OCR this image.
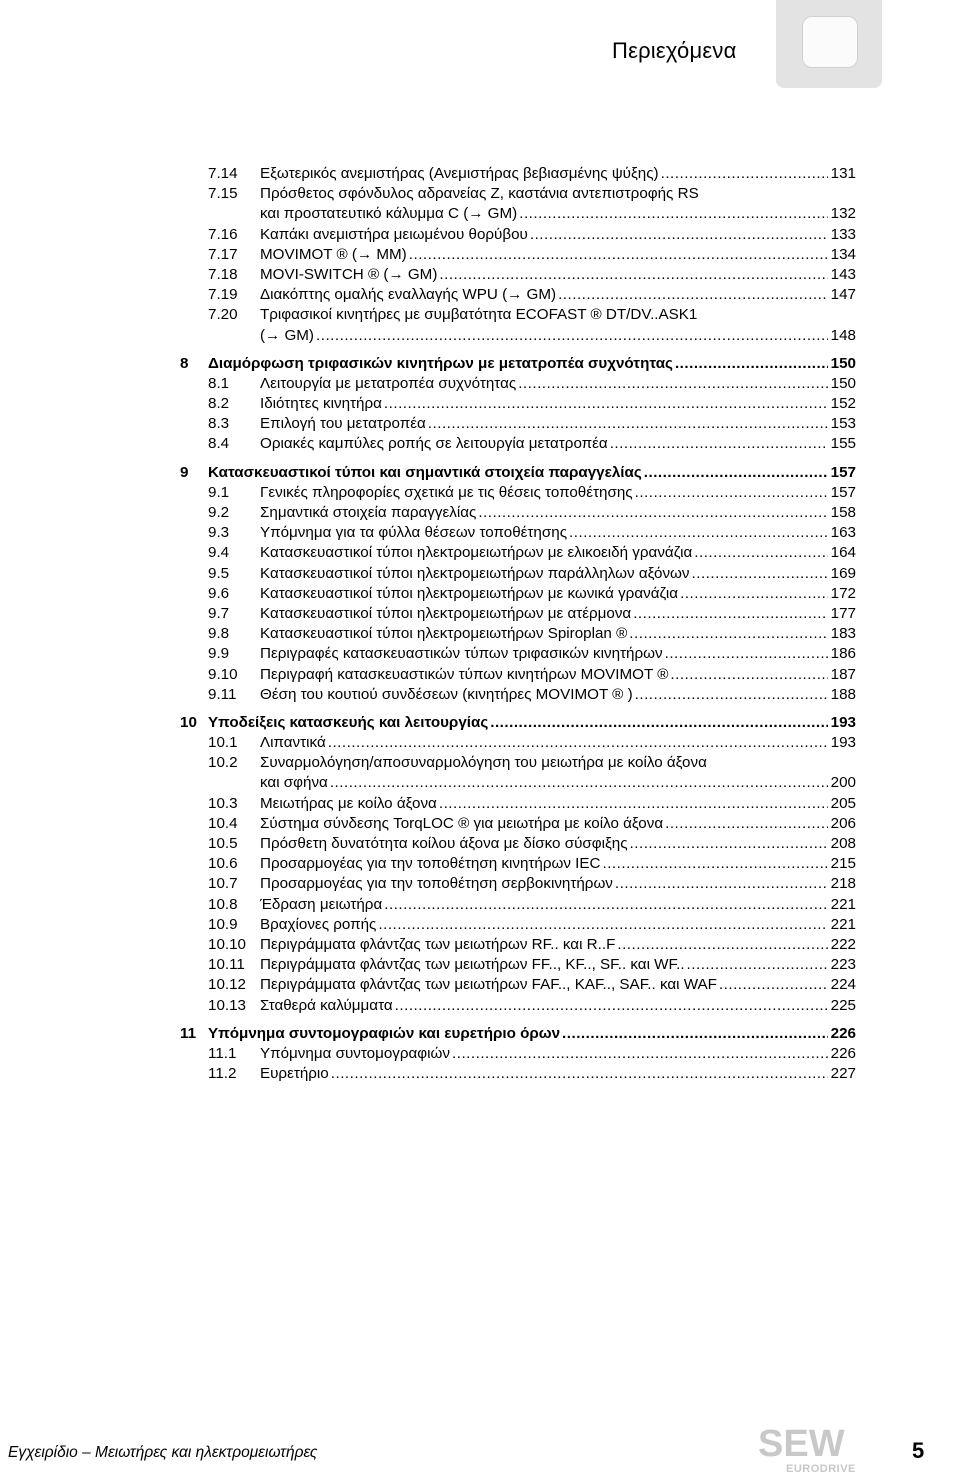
Περιεχόμενα
7.14	Εξωτερικός ανεμιστήρας (Ανεμιστήρας βεβιασμένης ψύξης) .....	131
7.15	Πρόσθετος σφόνδυλος αδρανείας Z, καστάνια αντεπιστροφής RS
και προστατευτικό κάλυμμα C (→ GM) .....	132
7.16	Καπάκι ανεμιστήρα μειωμένου θορύβου .....	133
7.17	MOVIMOT ® (→ MM) .....	134
7.18	MOVI-SWITCH ® (→ GM) .....	143
7.19	Διακόπτης ομαλής εναλλαγής WPU (→ GM) .....	147
7.20	Τριφασικοί κινητήρες με συμβατότητα ECOFAST ® DT/DV..ASK1
(→ GM) .....	148
8	Διαμόρφωση τριφασικών κινητήρων με μετατροπέα συχνότητας .....	150
8.1	Λειτουργία με μετατροπέα συχνότητας .....	150
8.2	Ιδιότητες κινητήρα .....	152
8.3	Επιλογή του μετατροπέα .....	153
8.4	Οριακές καμπύλες ροπής σε λειτουργία μετατροπέα .....	155
9	Κατασκευαστικοί τύποι και σημαντικά στοιχεία παραγγελίας .....	157
9.1	Γενικές πληροφορίες σχετικά με τις θέσεις τοποθέτησης .....	157
9.2	Σημαντικά στοιχεία παραγγελίας .....	158
9.3	Υπόμνημα για τα φύλλα θέσεων τοποθέτησης .....	163
9.4	Κατασκευαστικοί τύποι ηλεκτρομειωτήρων με ελικοειδή γρανάζια .....	164
9.5	Κατασκευαστικοί τύποι ηλεκτρομειωτήρων παράλληλων αξόνων .....	169
9.6	Κατασκευαστικοί τύποι ηλεκτρομειωτήρων με κωνικά γρανάζια .....	172
9.7	Κατασκευαστικοί τύποι ηλεκτρομειωτήρων με ατέρμονα .....	177
9.8	Κατασκευαστικοί τύποι ηλεκτρομειωτήρων Spiroplan ® .....	183
9.9	Περιγραφές κατασκευαστικών τύπων τριφασικών κινητήρων .....	186
9.10	Περιγραφή κατασκευαστικών τύπων κινητήρων MOVIMOT ® .....	187
9.11	Θέση του κουτιού συνδέσεων (κινητήρες MOVIMOT ® ) .....	188
10 Υποδείξεις κατασκευής και λειτουργίας .....	193
10.1	Λιπαντικά .....	193
10.2	Συναρμολόγηση/αποσυναρμολόγηση του μειωτήρα με κοίλο άξονα
και σφήνα .....	200
10.3	Μειωτήρας με κοίλο άξονα .....	205
10.4	Σύστημα σύνδεσης TorqLOC ® για μειωτήρα με κοίλο άξονα .....	206
10.5	Πρόσθετη δυνατότητα κοίλου άξονα με δίσκο σύσφιξης .....	208
10.6	Προσαρμογέας για την τοποθέτηση κινητήρων IEC .....	215
10.7	Προσαρμογέας για την τοποθέτηση σερβοκινητήρων .....	218
10.8	Έδραση μειωτήρα .....	221
10.9	Βραχίονες ροπής .....	221
10.10 Περιγράμματα φλάντζας των μειωτήρων RF.. και R..F .....	222
10.11 Περιγράμματα φλάντζας των μειωτήρων FF.., KF.., SF.. και WF.. .....	223
10.12 Περιγράμματα φλάντζας των μειωτήρων FAF.., KAF.., SAF.. και WAF .....	224
10.13 Σταθερά καλύμματα .....	225
11 Υπόμνημα συντομογραφιών και ευρετήριο όρων .....	226
11.1	Υπόμνημα συντομογραφιών .....	226
11.2	Ευρετήριο .....	227
Εγχειρίδιο – Μειωτήρες και ηλεκτρομειωτήρες	SEW
EURODRIVE
5
